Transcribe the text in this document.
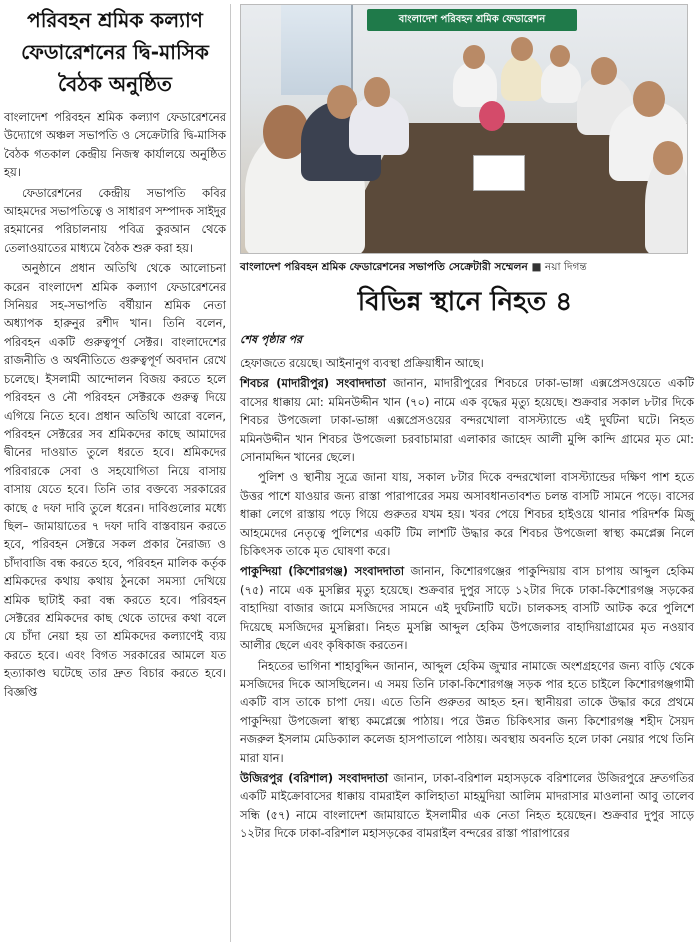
পরিবহন শ্রমিক কল্যাণ ফেডারেশনের দ্বি-মাসিক বৈঠক অনুষ্ঠিত

বাংলাদেশ পরিবহন শ্রমিক কল্যাণ ফেডারেশনের উদ্যোগে অঞ্চল সভাপতি ও সেক্রেটারি দ্বি-মাসিক বৈঠক গতকাল কেন্দ্রীয় নিজস্ব কার্যালয়ে অনুষ্ঠিত হয়।

ফেডারেশনের কেন্দ্রীয় সভাপতি কবির আহমদের সভাপতিত্বে ও সাধারণ সম্পাদক সাইদুর রহমানের পরিচালনায় পবিত্র কুরআন থেকে তেলাওয়াতের মাধ্যমে বৈঠক শুরু করা হয়।

অনুষ্ঠানে প্রধান অতিথি থেকে আলোচনা করেন বাংলাদেশ শ্রমিক কল্যাণ ফেডারেশনের সিনিয়র সহ-সভাপতি বর্ষীয়ান শ্রমিক নেতা অধ্যাপক হারুনুর রশীদ খান। তিনি বলেন, পরিবহন একটি গুরুত্বপূর্ণ সেক্টর। বাংলাদেশের রাজনীতি ও অর্থনীতিতে গুরুত্বপূর্ণ অবদান রেখে চলেছে। ইসলামী আন্দোলন বিজয় করতে হলে পরিবহন ও নৌ পরিবহন সেক্টরকে গুরুত্ব দিয়ে এগিয়ে নিতে হবে। প্রধান অতিথি আরো বলেন, পরিবহন সেক্টরের সব শ্রমিকদের কাছে আমাদের দ্বীনের দাওয়াত তুলে ধরতে হবে। শ্রমিকদের পরিবারকে সেবা ও সহযোগিতা নিয়ে বাসায় বাসায় যেতে হবে। তিনি তার বক্তব্যে সরকারের কাছে ৫ দফা দাবি তুলে ধরেন। দাবিগুলোর মধ্যে ছিল– জামায়াতের ৭ দফা দাবি বাস্তবায়ন করতে হবে, পরিবহন সেক্টরে সকল প্রকার নৈরাজ্য ও চাঁদাবাজি বন্ধ করতে হবে, পরিবহন মালিক কর্তৃক শ্রমিকদের কথায় কথায় ঠুনকো সমস্যা দেখিয়ে শ্রমিক ছাটাই করা বন্ধ করতে হবে। পরিবহন সেক্টরের শ্রমিকদের কাছ থেকে তাদের কথা বলে যে চাঁদা নেয়া হয় তা শ্রমিকদের কল্যাণেই ব্যয় করতে হবে। এবং বিগত সরকারের আমলে যত হত্যাকাণ্ড ঘটেছে তার দ্রুত বিচার করতে হবে। বিজ্ঞপ্তি

বাংলাদেশ পরিবহন শ্রমিক ফেডারেশন
বাংলাদেশ পরিবহন শ্রমিক ফেডারেশনের সভাপতি সেক্রেটারী সম্মেলন ■ নয়া দিগন্ত
বিভিন্ন স্থানে নিহত ৪
শেষ পৃষ্ঠার পর

হেফাজতে রয়েছে। আইনানুগ ব্যবস্থা প্রক্রিয়াধীন আছে।

শিবচর (মাদারীপুর) সংবাদদাতা জানান, মাদারীপুরের শিবচরে ঢাকা-ভাঙ্গা এক্সপ্রেসওয়েতে একটি বাসের ধাক্কায় মো: মমিনউদ্দীন খান (৭০) নামে এক বৃদ্ধের মৃত্যু হয়েছে। শুক্রবার সকাল ৮টার দিকে শিবচর উপজেলা ঢাকা-ভাঙ্গা এক্সপ্রেসওয়ের বন্দরখোলা বাসস্ট্যান্ডে এই দুর্ঘটনা ঘটে। নিহত মমিনউদ্দীন খান শিবচর উপজেলা চরবাচামারা এলাকার জাহেদ আলী মুন্সি কান্দি গ্রামের মৃত মো: সোনামদ্দিন খানের ছেলে।

পুলিশ ও স্থানীয় সূত্রে জানা যায়, সকাল ৮টার দিকে বন্দরখোলা বাসস্ট্যান্ডের দক্ষিণ পাশ হতে উত্তর পাশে যাওয়ার জন্য রাস্তা পারাপারের সময় অসাবধানতাবশত চলন্ত বাসটি সামনে পড়ে। বাসের ধাক্কা লেগে রাস্তায় পড়ে গিয়ে গুরুতর যখম হয়। খবর পেয়ে শিবচর হাইওয়ে থানার পরিদর্শক মিজু আহমেদের নেতৃত্বে পুলিশের একটি টিম লাশটি উদ্ধার করে শিবচর উপজেলা স্বাস্থ্য কমপ্লেক্স নিলে চিকিৎসক তাকে মৃত ঘোষণা করে।

পাকুন্দিয়া (কিশোরগঞ্জ) সংবাদদাতা জানান, কিশোরগঞ্জের পাকুন্দিয়ায় বাস চাপায় আব্দুল হেকিম (৭৫) নামে এক মুসল্লির মৃত্যু হয়েছে। শুক্রবার দুপুর সাড়ে ১২টার দিকে ঢাকা-কিশোরগঞ্জ সড়কের বাহাদিয়া বাজার জামে মসজিদের সামনে এই দুর্ঘটনাটি ঘটে। চালকসহ বাসটি আটক করে পুলিশে দিয়েছে মসজিদের মুসল্লিরা। নিহত মুসল্লি আব্দুল হেকিম উপজেলার বাহাদিয়াগ্রামের মৃত নওয়াব আলীর ছেলে এবং কৃষিকাজ করতেন।

নিহতের ভাগিনা শাহাবুদ্দিন জানান, আব্দুল হেকিম জুম্মার নামাজে অংশগ্রহণের জন্য বাড়ি থেকে মসজিদের দিকে আসছিলেন। এ সময় তিনি ঢাকা-কিশোরগঞ্জ সড়ক পার হতে চাইলে কিশোরগঞ্জগামী একটি বাস তাকে চাপা দেয়। এতে তিনি গুরুতর আহত হন। স্থানীয়রা তাকে উদ্ধার করে প্রথমে পাকুন্দিয়া উপজেলা স্বাস্থ্য কমপ্লেক্সে পাঠায়। পরে উন্নত চিকিৎসার জন্য কিশোরগঞ্জ শহীদ সৈয়দ নজরুল ইসলাম মেডিক্যাল কলেজ হাসপাতালে পাঠায়। অবস্থায় অবনতি হলে ঢাকা নেয়ার পথে তিনি মারা যান।

উজিরপুর (বরিশাল) সংবাদদাতা জানান, ঢাকা-বরিশাল মহাসড়কে বরিশালের উজিরপুরে দ্রুতগতির একটি মাইক্রোবাসের ধাক্কায় বামরাইল কালিহাতা মাহমুদিয়া আলিম মাদরাসার মাওলানা আবু তালেব সন্ধি (৫৭) নামে বাংলাদেশ জামায়াতে ইসলামীর এক নেতা নিহত হয়েছেন। শুক্রবার দুপুর সাড়ে ১২টার দিকে ঢাকা-বরিশাল মহাসড়কের বামরাইল বন্দরের রাস্তা পারাপারের
